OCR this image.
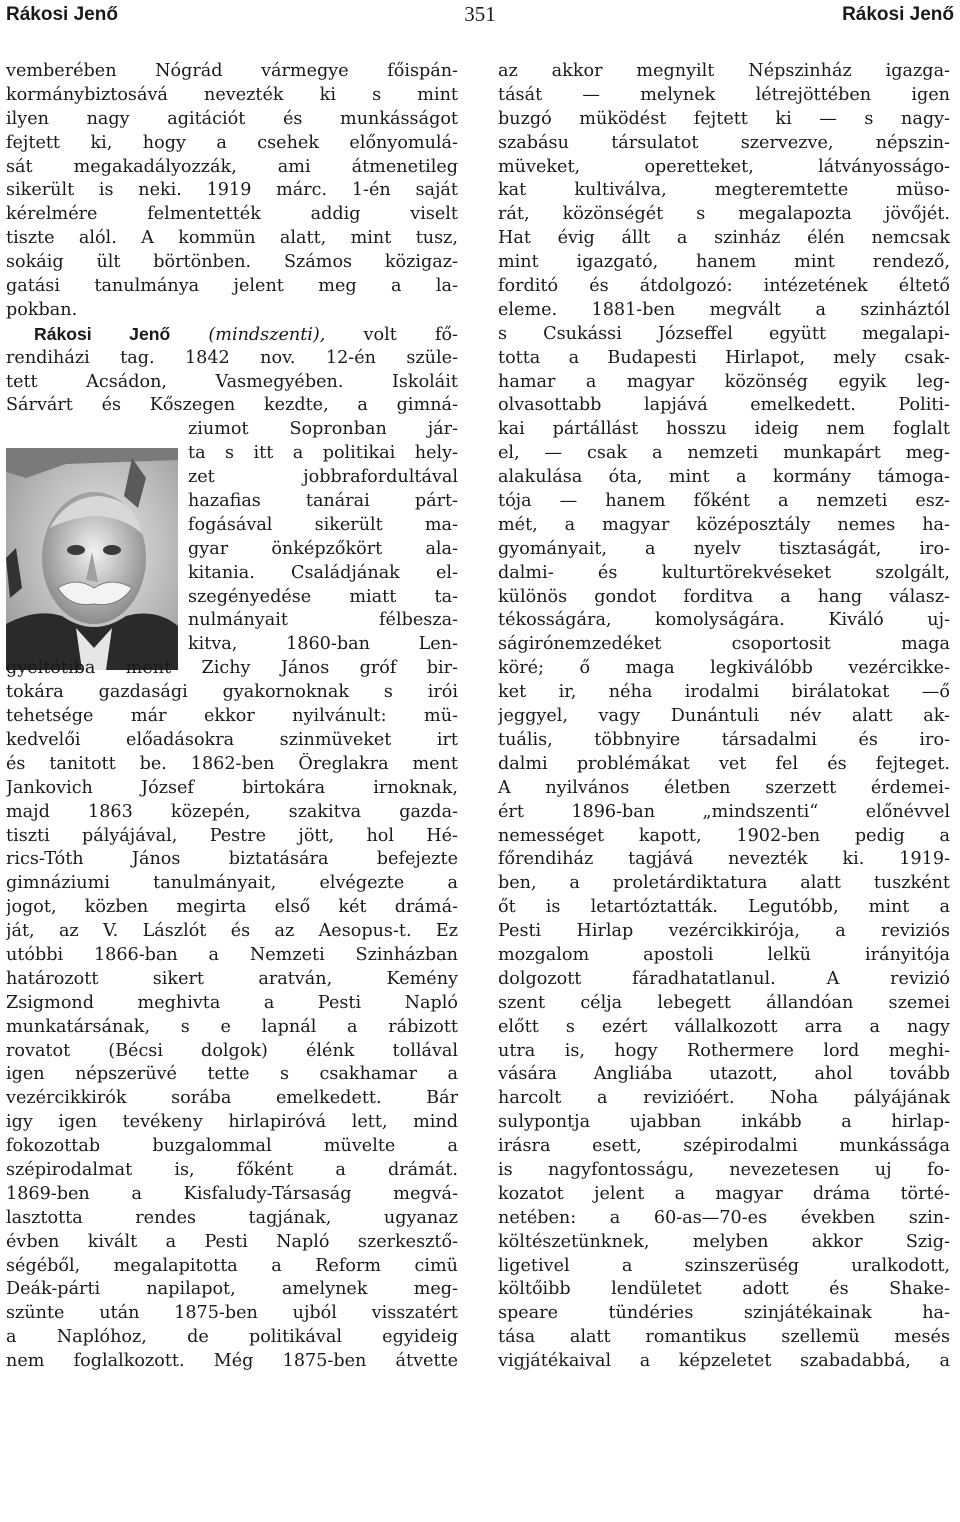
Rákosi Jenő	351	Rákosi Jenő
vemberében Nógrád vármegye főispán-
kormánybiztosává nevezték ki s mint
ilyen nagy agitációt és munkásságot
fejtett ki, hogy a csehek előnyomulá-
sát megakadályozzák, ami átmenetileg
sikerült is neki. 1919 márc. 1-én saját
kérelmére felmentették addig viselt
tiszte alól. A kommün alatt, mint tusz,
sokáig ült börtönben. Számos közigaz-
gatási tanulmánya jelent meg a la-
pokban.
Rákosi Jenő (mindszenti), volt fő-
rendiházi tag. 1842 nov. 12-én szüle-
tett Acsádon, Vasmegyében. Iskoláit
Sárvárt és Kőszegen kezdte, a gimná-
ziumot Sopronban jár-
ta s itt a politikai hely-
zet jobbrafordultával
hazafias tanárai párt-
fogásával sikerült ma-
gyar önképzőkört ala-
kitania. Családjának el-
szegényedése miatt ta-
nulmányait félbesza-
kitva, 1860-ban Len-
gyeltótiba ment Zichy János gróf bir-
tokára gazdasági gyakornoknak s irói
tehetsége már ekkor nyilvánult: mü-
kedvelői előadásokra szinmüveket irt
és tanitott be. 1862-ben Öreglakra ment
Jankovich József birtokára irnoknak,
majd 1863 közepén, szakitva gazda-
tiszti pályájával, Pestre jött, hol Hé-
rics-Tóth János biztatására befejezte
gimnáziumi tanulmányait, elvégezte a
jogot, közben megirta első két drámá-
ját, az V. Lászlót és az Aesopus-t. Ez
utóbbi 1866-ban a Nemzeti Szinházban
határozott sikert aratván, Kemény
Zsigmond meghivta a Pesti Napló
munkatársának, s e lapnál a rábizott
rovatot (Bécsi dolgok) élénk tollával
igen népszerüvé tette s csakhamar a
vezércikkirók sorába emelkedett. Bár
igy igen tevékeny hirlapiróvá lett, mind
fokozottab buzgalommal müvelte a
szépirodalmat is, főként a drámát.
1869-ben a Kisfaludy-Társaság megvá-
lasztotta rendes tagjának, ugyanaz
évben kivált a Pesti Napló szerkesztő-
ségéből, megalapitotta a Reform cimü
Deák-párti napilapot, amelynek meg-
szünte után 1875-ben ujból visszatért
a Naplóhoz, de politikával egyideig
nem foglalkozott. Még 1875-ben átvette
az akkor megnyilt Népszinház igazga-
tását — melynek létrejöttében igen
buzgó müködést fejtett ki — s nagy-
szabásu társulatot szervezve, népszin-
müveket, operetteket, látványosságo-
kat kultiválva, megteremtette müso-
rát, közönségét s megalapozta jövőjét.
Hat évig állt a szinház élén nemcsak
mint igazgató, hanem mint rendező,
forditó és átdolgozó: intézetének éltető
eleme. 1881-ben megvált a szinháztól
s Csukássi Józseffel együtt megalapi-
totta a Budapesti Hirlapot, mely csak-
hamar a magyar közönség egyik leg-
olvasottabb lapjává emelkedett. Politi-
kai pártállást hosszu ideig nem foglalt
el, — csak a nemzeti munkapárt meg-
alakulása óta, mint a kormány támoga-
tója — hanem főként a nemzeti esz-
mét, a magyar középosztály nemes ha-
gyományait, a nyelv tisztaságát, iro-
dalmi- és kulturtörekvéseket szolgált,
különös gondot forditva a hang válasz-
tékosságára, komolyságára. Kiváló uj-
ságirónemzedéket csoportosit maga
köré; ő maga legkiválóbb vezércikke-
ket ir, néha irodalmi birálatokat —ő
jeggyel, vagy Dunántuli név alatt ak-
tuális, többnyire társadalmi és iro-
dalmi problémákat vet fel és fejteget.
A nyilvános életben szerzett érdemei-
ért 1896-ban „mindszenti“ előnévvel
nemességet kapott, 1902-ben pedig a
főrendiház tagjává nevezték ki. 1919-
ben, a proletárdiktatura alatt tuszként
őt is letartóztatták. Legutóbb, mint a
Pesti Hirlap vezércikkirója, a reviziós
mozgalom apostoli lelkü irányitója
dolgozott fáradhatatlanul. A revizió
szent célja lebegett állandóan szemei
előtt s ezért vállalkozott arra a nagy
utra is, hogy Rothermere lord meghi-
vására Angliába utazott, ahol tovább
harcolt a revizióért. Noha pályájának
sulypontja ujabban inkább a hirlap-
irásra esett, szépirodalmi munkássága
is nagyfontosságu, nevezetesen uj fo-
kozatot jelent a magyar dráma törté-
netében: a 60-as—70-es években szin-
költészetünknek, melyben akkor Szig-
ligetivel a szinszerüség uralkodott,
költőibb lendületet adott és Shake-
speare tündéries szinjátékainak ha-
tása alatt romantikus szellemü mesés
vigjátékaival a képzeletet szabadabbá, a
